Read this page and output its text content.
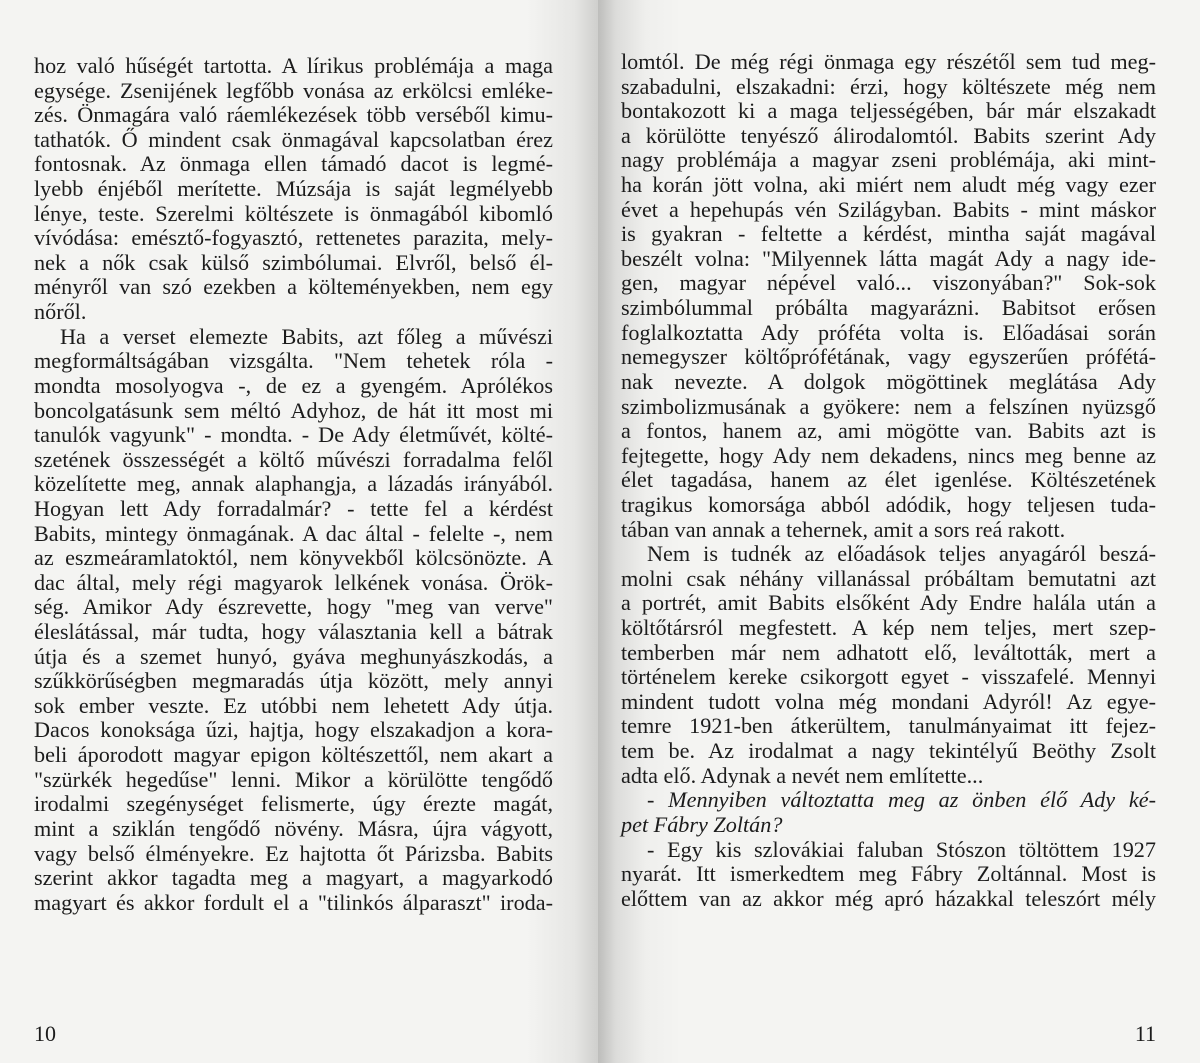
hoz való hűségét tartotta. A lírikus problémája a maga
egysége. Zsenijének legfőbb vonása az erkölcsi emléke-
zés. Önmagára való ráemlékezések több verséből kimu-
tathatók. Ő mindent csak önmagával kapcsolatban érez
fontosnak. Az önmaga ellen támadó dacot is legmé-
lyebb énjéből merítette. Múzsája is saját legmélyebb
lénye, teste. Szerelmi költészete is önmagából kibomló
vívódása: emésztő-fogyasztó, rettenetes parazita, mely-
nek a nők csak külső szimbólumai. Elvről, belső él-
ményről van szó ezekben a költeményekben, nem egy
nőről.
Ha a verset elemezte Babits, azt főleg a művészi
megformáltságában vizsgálta. "Nem tehetek róla -
mondta mosolyogva -, de ez a gyengém. Aprólékos
boncolgatásunk sem méltó Adyhoz, de hát itt most mi
tanulók vagyunk" - mondta. - De Ady életművét, költé-
szetének összességét a költő művészi forradalma felől
közelítette meg, annak alaphangja, a lázadás irányából.
Hogyan lett Ady forradalmár? - tette fel a kérdést
Babits, mintegy önmagának. A dac által - felelte -, nem
az eszmeáramlatoktól, nem könyvekből kölcsönözte. A
dac által, mely régi magyarok lelkének vonása. Örök-
ség. Amikor Ady észrevette, hogy "meg van verve"
éleslátással, már tudta, hogy választania kell a bátrak
útja és a szemet hunyó, gyáva meghunyászkodás, a
szűkkörűségben megmaradás útja között, mely annyi
sok ember veszte. Ez utóbbi nem lehetett Ady útja.
Dacos konoksága űzi, hajtja, hogy elszakadjon a kora-
beli áporodott magyar epigon költészettől, nem akart a
"szürkék hegedűse" lenni. Mikor a körülötte tengődő
irodalmi szegénységet felismerte, úgy érezte magát,
mint a sziklán tengődő növény. Másra, újra vágyott,
vagy belső élményekre. Ez hajtotta őt Párizsba. Babits
szerint akkor tagadta meg a magyart, a magyarkodó
magyart és akkor fordult el a "tilinkós álparaszt" iroda-
10
lomtól. De még régi önmaga egy részétől sem tud meg-
szabadulni, elszakadni: érzi, hogy költészete még nem
bontakozott ki a maga teljességében, bár már elszakadt
a körülötte tenyésző álirodalomtól. Babits szerint Ady
nagy problémája a magyar zseni problémája, aki mint-
ha korán jött volna, aki miért nem aludt még vagy ezer
évet a hepehupás vén Szilágyban. Babits - mint máskor
is gyakran - feltette a kérdést, mintha saját magával
beszélt volna: "Milyennek látta magát Ady a nagy ide-
gen, magyar népével való... viszonyában?" Sok-sok
szimbólummal próbálta magyarázni. Babitsot erősen
foglalkoztatta Ady próféta volta is. Előadásai során
nemegyszer költőprófétának, vagy egyszerűen prófétá-
nak nevezte. A dolgok mögöttinek meglátása Ady
szimbolizmusának a gyökere: nem a felszínen nyüzsgő
a fontos, hanem az, ami mögötte van. Babits azt is
fejtegette, hogy Ady nem dekadens, nincs meg benne az
élet tagadása, hanem az élet igenlése. Költészetének
tragikus komorsága abból adódik, hogy teljesen tuda-
tában van annak a tehernek, amit a sors reá rakott.
Nem is tudnék az előadások teljes anyagáról beszá-
molni csak néhány villanással próbáltam bemutatni azt
a portrét, amit Babits elsőként Ady Endre halála után a
költőtársról megfestett. A kép nem teljes, mert szep-
temberben már nem adhatott elő, leváltották, mert a
történelem kereke csikorgott egyet - visszafelé. Mennyi
mindent tudott volna még mondani Adyról! Az egye-
temre 1921-ben átkerültem, tanulmányaimat itt fejez-
tem be. Az irodalmat a nagy tekintélyű Beöthy Zsolt
adta elő. Adynak a nevét nem említette...
- Mennyiben változtatta meg az önben élő Ady ké-
pet Fábry Zoltán?
- Egy kis szlovákiai faluban Stószon töltöttem 1927
nyarát. Itt ismerkedtem meg Fábry Zoltánnal. Most is
előttem van az akkor még apró házakkal teleszórt mély
11
